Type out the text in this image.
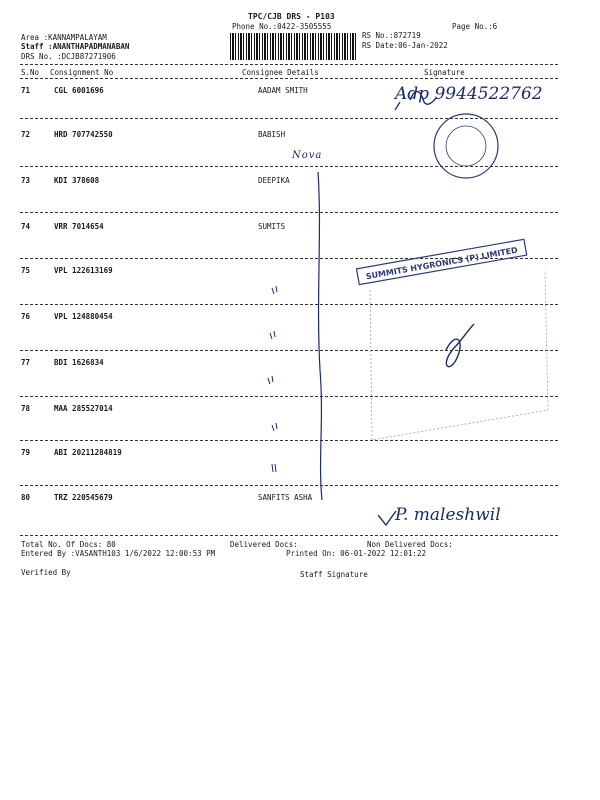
TPC/CJB DRS - P103
Phone No.:0422-3505555	Page No.:6
Area :KANNAMPALAYAM
Staff :ANANTHAPADMANABAN
DRS No. :DCJB87271906
RS No.:872719
RS Date:06-Jan-2022
S.No Consignment No	Consignee Details	Signature
71	CGL 6001696	AADAM SMITH
72	HRD 707742550	BABISH
73	KDI 378608	DEEPIKA
74	VRR 7014654	SUMITS
75	VPL 122613169
76	VPL 124880454
77	BDI 1626834
78	MAA 285527014
79	ABI 20211284819
80	TRZ 220545679	SANFITS ASHA
Adp 9944522762
Nova
P. maleshwil
SUMMITS HYGRONICS (P) LIMITED
Total No. Of Docs: 80	Delivered Docs:	Non Delivered Docs:
Entered By :VASANTH103 1/6/2022 12:00:53 PM	Printed On: 06-01-2022 12:01:22
Verified By	Staff Signature
